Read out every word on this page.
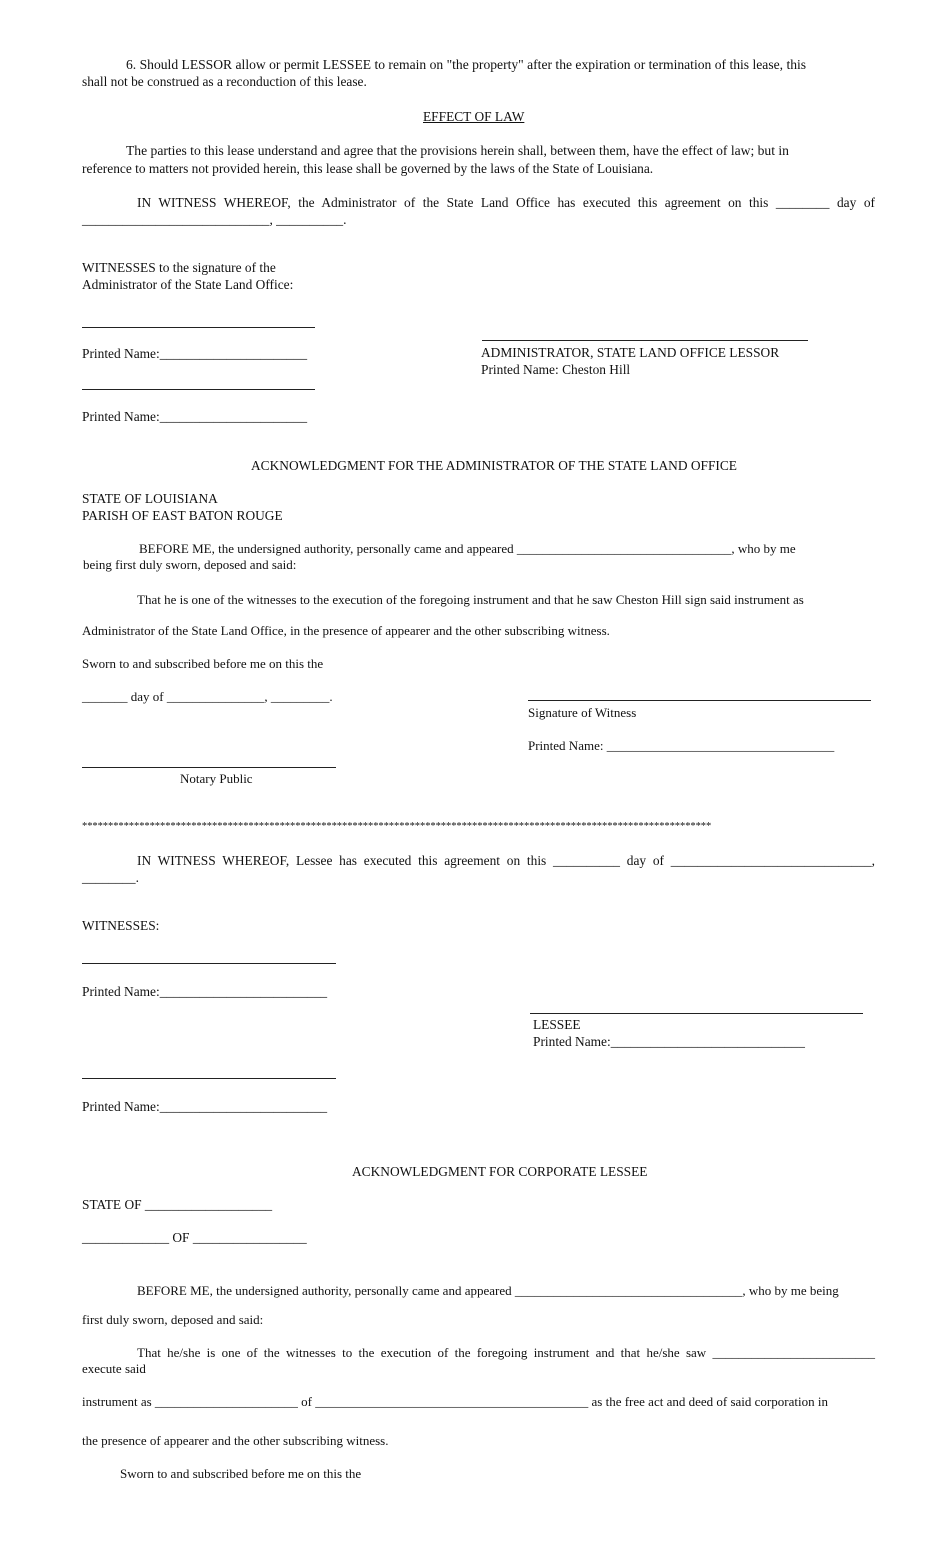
6. Should LESSOR allow or permit LESSEE to remain on "the property" after the expiration or termination of this lease, this
shall not be construed as a reconduction of this lease.
EFFECT OF LAW
The parties to this lease understand and agree that the provisions herein shall, between them, have the effect of law; but in
reference to matters not provided herein, this lease shall be governed by the laws of the State of Louisiana.
IN WITNESS WHEREOF, the Administrator of the State Land Office has executed this agreement on this ________ day of
____________________________, __________.
WITNESSES to the signature of the
Administrator of the State Land Office:
Printed Name:______________________	ADMINISTRATOR, STATE LAND OFFICE LESSOR
Printed Name: Cheston Hill
Printed Name:______________________
ACKNOWLEDGMENT FOR THE ADMINISTRATOR OF THE STATE LAND OFFICE
STATE OF LOUISIANA
PARISH OF EAST BATON ROUGE
BEFORE ME, the undersigned authority, personally came and appeared _________________________________, who by me
being first duly sworn, deposed and said:
That he is one of the witnesses to the execution of the foregoing instrument and that he saw Cheston Hill sign said instrument as
Administrator of the State Land Office, in the presence of appearer and the other subscribing witness.
Sworn to and subscribed before me on this the
_______ day of _______________, _________.
Signature of Witness
Printed Name: ___________________________________
Notary Public
*************************************************************************************************************************
IN WITNESS WHEREOF, Lessee has executed this agreement on this __________ day of ______________________________,
________.
WITNESSES:
Printed Name:_________________________
LESSEE
Printed Name:_____________________________
Printed Name:_________________________
ACKNOWLEDGMENT FOR CORPORATE LESSEE
STATE OF ___________________
_____________ OF _________________
BEFORE ME, the undersigned authority, personally came and appeared ___________________________________, who by me being
first duly sworn, deposed and said:
That he/she is one of the witnesses to the execution of the foregoing instrument and that he/she saw _________________________
execute said
instrument as ______________________ of __________________________________________ as the free act and deed of said corporation in
the presence of appearer and the other subscribing witness.
Sworn to and subscribed before me on this the
